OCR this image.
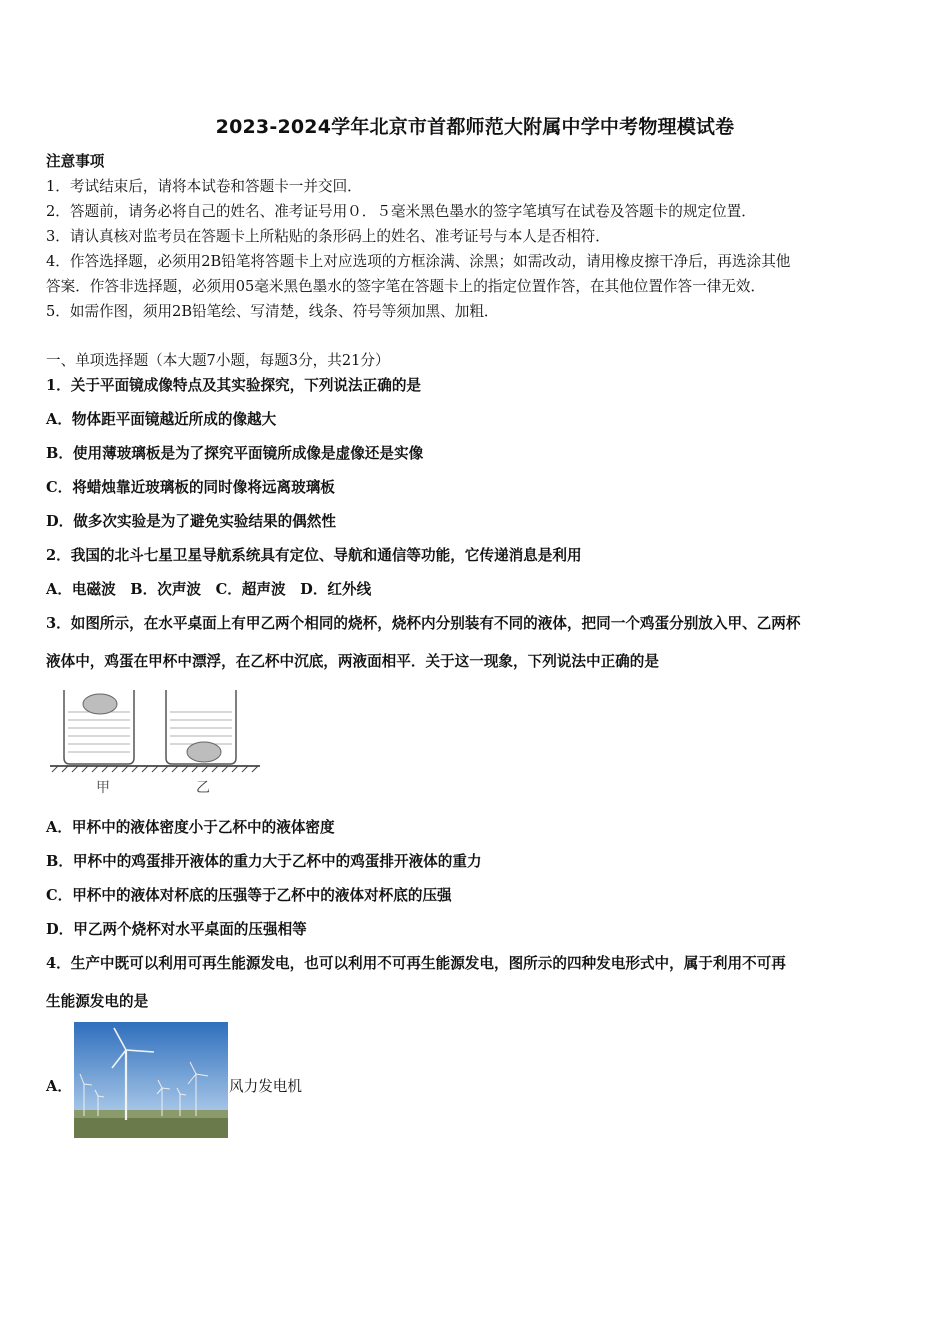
2023-2024学年北京市首都师范大附属中学中考物理模试卷
注意事项
1．考试结束后，请将本试卷和答题卡一并交回．
2．答题前，请务必将自己的姓名、准考证号用０．５毫米黑色墨水的签字笔填写在试卷及答题卡的规定位置．
3．请认真核对监考员在答题卡上所粘贴的条形码上的姓名、准考证号与本人是否相符．
4．作答选择题，必须用2B铅笔将答题卡上对应选项的方框涂满、涂黑；如需改动，请用橡皮擦干净后，再选涂其他
答案．作答非选择题，必须用05毫米黑色墨水的签字笔在答题卡上的指定位置作答，在其他位置作答一律无效．
5．如需作图，须用2B铅笔绘、写清楚，线条、符号等须加黑、加粗．
一、单项选择题（本大题7小题，每题3分，共21分）
1．关于平面镜成像特点及其实验探究，下列说法正确的是
A．物体距平面镜越近所成的像越大
B．使用薄玻璃板是为了探究平面镜所成像是虚像还是实像
C．将蜡烛靠近玻璃板的同时像将远离玻璃板
D．做多次实验是为了避免实验结果的偶然性
2．我国的北斗七星卫星导航系统具有定位、导航和通信等功能，它传递消息是利用
A．电磁波　B．次声波　C．超声波　D．红外线
3．如图所示，在水平桌面上有甲乙两个相同的烧杯，烧杯内分别装有不同的液体，把同一个鸡蛋分别放入甲、乙两杯
液体中，鸡蛋在甲杯中漂浮，在乙杯中沉底，两液面相平．关于这一现象，下列说法中正确的是
甲	乙
A．甲杯中的液体密度小于乙杯中的液体密度
B．甲杯中的鸡蛋排开液体的重力大于乙杯中的鸡蛋排开液体的重力
C．甲杯中的液体对杯底的压强等于乙杯中的液体对杯底的压强
D．甲乙两个烧杯对水平桌面的压强相等
4．生产中既可以利用可再生能源发电，也可以利用不可再生能源发电，图所示的四种发电形式中，属于利用不可再
生能源发电的是
A．	风力发电机
